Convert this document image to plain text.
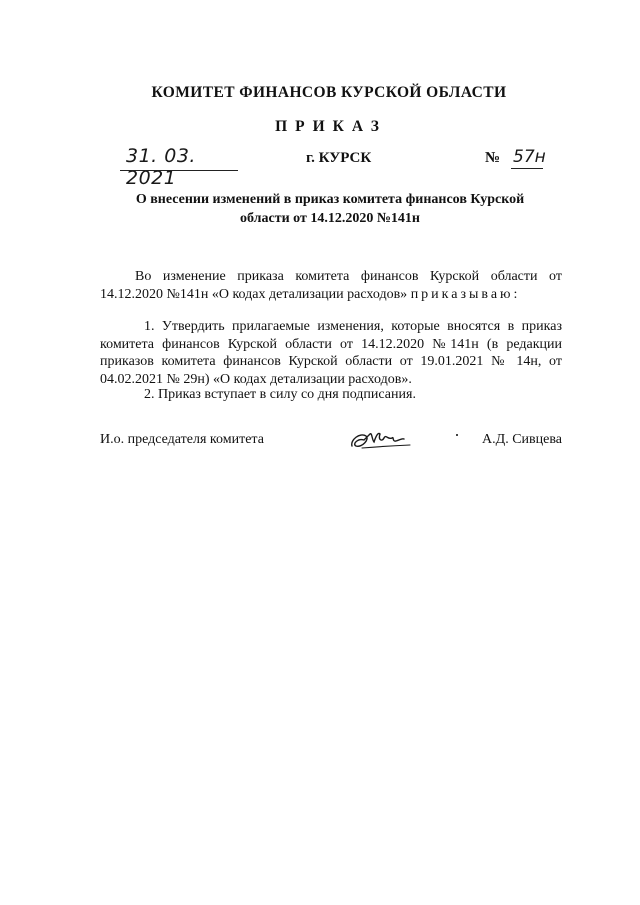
КОМИТЕТ ФИНАНСОВ КУРСКОЙ ОБЛАСТИ
ПРИКАЗ
31. 03. 2021
г. КУРСК	№ 57н
О внесении изменений в приказ комитета финансов Курской области от 14.12.2020 №141н
Во изменение приказа комитета финансов Курской области от 14.12.2020 №141н «О кодах детализации расходов» приказываю:
1. Утвердить прилагаемые изменения, которые вносятся в приказ комитета финансов Курской области от 14.12.2020 №141н (в редакции приказов комитета финансов Курской области от 19.01.2021 № 14н, от 04.02.2021 № 29н) «О кодах детализации расходов».
2. Приказ вступает в силу со дня подписания.
И.о. председателя комитета	А.Д. Сивцева
